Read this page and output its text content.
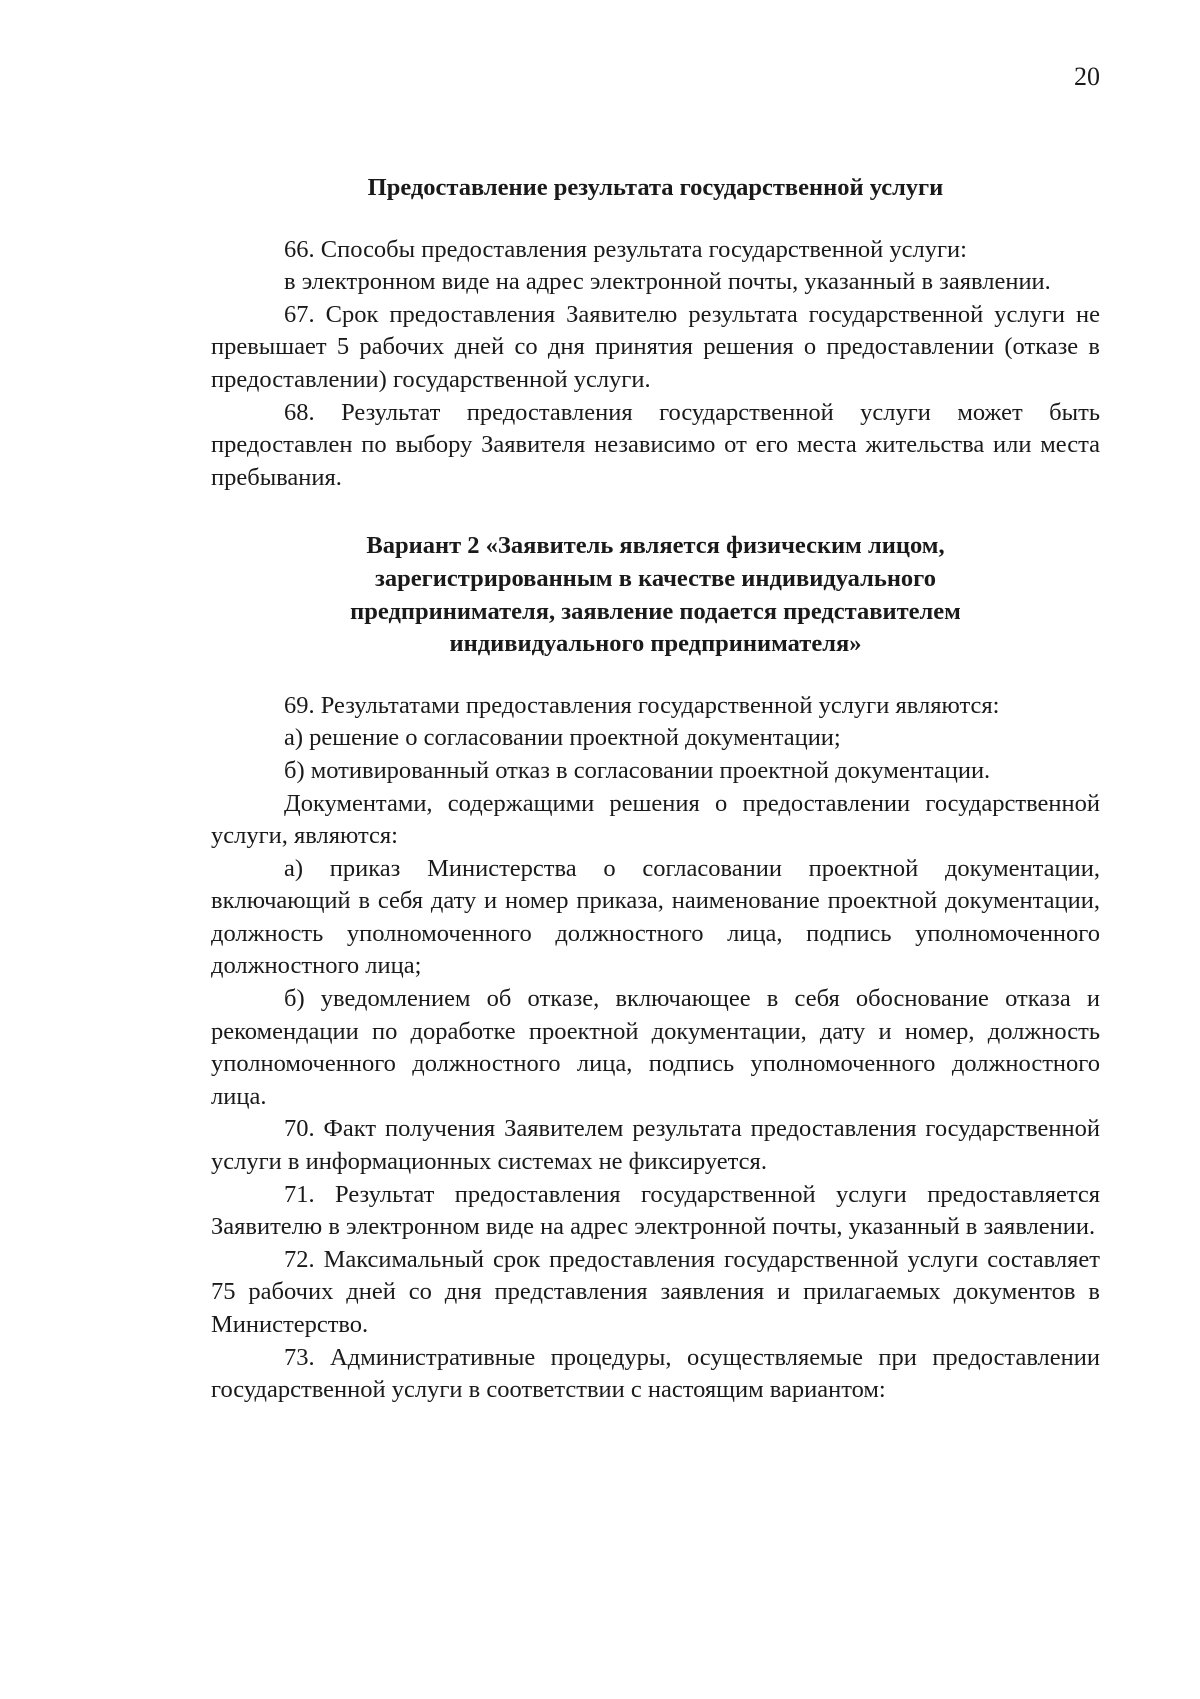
20
Предоставление результата государственной услуги

66. Способы предоставления результата государственной услуги:

в электронном виде на адрес электронной почты, указанный в заявлении.

67. Срок предоставления Заявителю результата государственной услуги не превышает 5 рабочих дней со дня принятия решения о предоставлении (отказе в предоставлении) государственной услуги.

68. Результат предоставления государственной услуги может быть предоставлен по выбору Заявителя независимо от его места жительства или места пребывания.

Вариант 2 «Заявитель является физическим лицом,
зарегистрированным в качестве индивидуального
предпринимателя, заявление подается представителем
индивидуального предпринимателя»

69. Результатами предоставления государственной услуги являются:

а) решение о согласовании проектной документации;

б) мотивированный отказ в согласовании проектной документации.

Документами, содержащими решения о предоставлении государственной услуги, являются:

а) приказ Министерства о согласовании проектной документации, включающий в себя дату и номер приказа, наименование проектной документации, должность уполномоченного должностного лица, подпись уполномоченного должностного лица;

б) уведомлением об отказе, включающее в себя обоснование отказа и рекомендации по доработке проектной документации, дату и номер, должность уполномоченного должностного лица, подпись уполномоченного должностного лица.

70. Факт получения Заявителем результата предоставления государственной услуги в информационных системах не фиксируется.

71. Результат предоставления государственной услуги предоставляется Заявителю в электронном виде на адрес электронной почты, указанный в заявлении.

72. Максимальный срок предоставления государственной услуги составляет 75 рабочих дней со дня представления заявления и прилагаемых документов в Министерство.

73. Административные процедуры, осуществляемые при предоставлении государственной услуги в соответствии с настоящим вариантом:
